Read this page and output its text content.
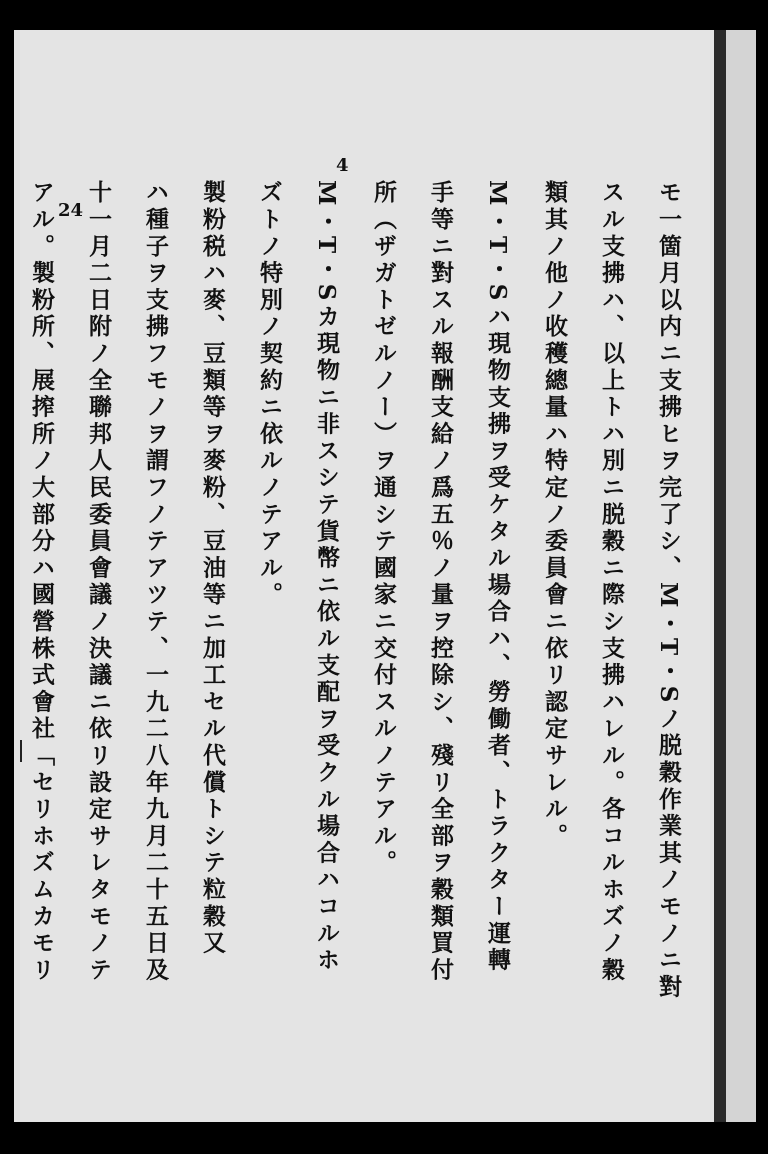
4
24	モ一箇月以内ニ支拂ヒヲ完了シ、M・T・Sノ脱穀作業其ノモノニ對
スル支拂ハ、以上トハ別ニ脱穀ニ際シ支拂ハレル。各コルホズノ穀
類其ノ他ノ收穫總量ハ特定ノ委員會ニ依リ認定サレル。
M・T・Sハ現物支拂ヲ受ケタル場合ハ、勞働者、トラクター運轉
手等ニ對スル報酬支給ノ爲五％ノ量ヲ控除シ、殘リ全部ヲ穀類買付
所（ザガトゼルノー）ヲ通シテ國家ニ交付スルノテアル。
M・T・Sカ現物ニ非スシテ貨幣ニ依ル支配ヲ受クル場合ハコルホ
ズトノ特別ノ契約ニ依ルノテアル。
製粉税ハ麥、豆類等ヲ麥粉、豆油等ニ加工セル代償トシテ粒穀又
ハ種子ヲ支拂フモノヲ謂フノテアツテ、一九二八年九月二十五日及
十一月二日附ノ全聯邦人民委員會議ノ決議ニ依リ設定サレタモノテ
アル。製粉所、展搾所ノ大部分ハ國營株式會社「セリホズムカモリ
